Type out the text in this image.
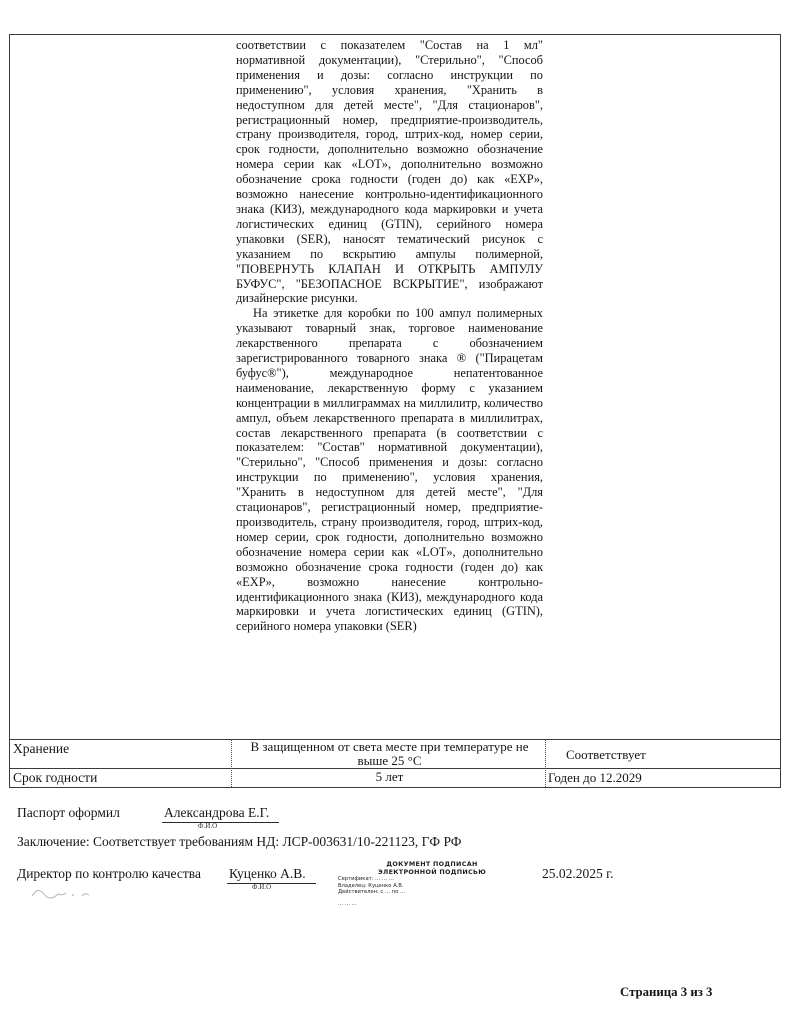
соответствии с показателем "Состав на 1 мл" нормативной документации), "Стерильно", "Способ применения и дозы: согласно инструкции по применению", условия хранения, "Хранить в недоступном для детей месте", "Для стационаров", регистрационный номер, предприятие-производитель, страну производителя, город, штрих-код, номер серии, срок годности, дополнительно возможно обозначение номера серии как «LOT», дополнительно возможно обозначение срока годности (годен до) как «EXP», возможно нанесение контрольно-идентификационного знака (КИЗ), международного кода маркировки и учета логистических единиц (GTIN), серийного номера упаковки (SER), наносят тематический рисунок с указанием по вскрытию ампулы полимерной, "ПОВЕРНУТЬ КЛАПАН И ОТКРЫТЬ АМПУЛУ БУФУС", "БЕЗОПАСНОЕ ВСКРЫТИЕ", изображают дизайнерские рисунки.

На этикетке для коробки по 100 ампул полимерных указывают товарный знак, торговое наименование лекарственного препарата с обозначением зарегистрированного товарного знака ® ("Пирацетам буфус®"), международное непатентованное наименование, лекарственную форму с указанием концентрации в миллиграммах на миллилитр, количество ампул, объем лекарственного препарата в миллилитрах, состав лекарственного препарата (в соответствии с показателем: "Состав" нормативной документации), "Стерильно", "Способ применения и дозы: согласно инструкции по применению", условия хранения, "Хранить в недоступном для детей месте", "Для стационаров", регистрационный номер, предприятие-производитель, страну производителя, город, штрих-код, номер серии, срок годности, дополнительно возможно обозначение номера серии как «LOT», дополнительно возможно обозначение срока годности (годен до) как «EXP», возможно нанесение контрольно-идентификационного знака (КИЗ), международного кода маркировки и учета логистических единиц (GTIN), серийного номера упаковки (SER)

Хранение	В защищенном от света месте при температуре не выше 25 °С	Соответствует
Срок годности	5 лет	Годен до 12.2029
Паспорт оформил	Александрова Е.Г.
Ф.И.О
Заключение: Соответствует требованиям НД: ЛСР-003631/10-221123, ГФ РФ
Директор по контролю качества Куценко А.В.
Ф.И.О
ДОКУМЕНТ ПОДПИСАН
ЭЛЕКТРОННОЙ ПОДПИСЬЮ
Сертификат: … … …
Владелец: Куценко А.В.
Действителен: с … по …
… … …
25.02.2025 г.
Страница 3 из 3
